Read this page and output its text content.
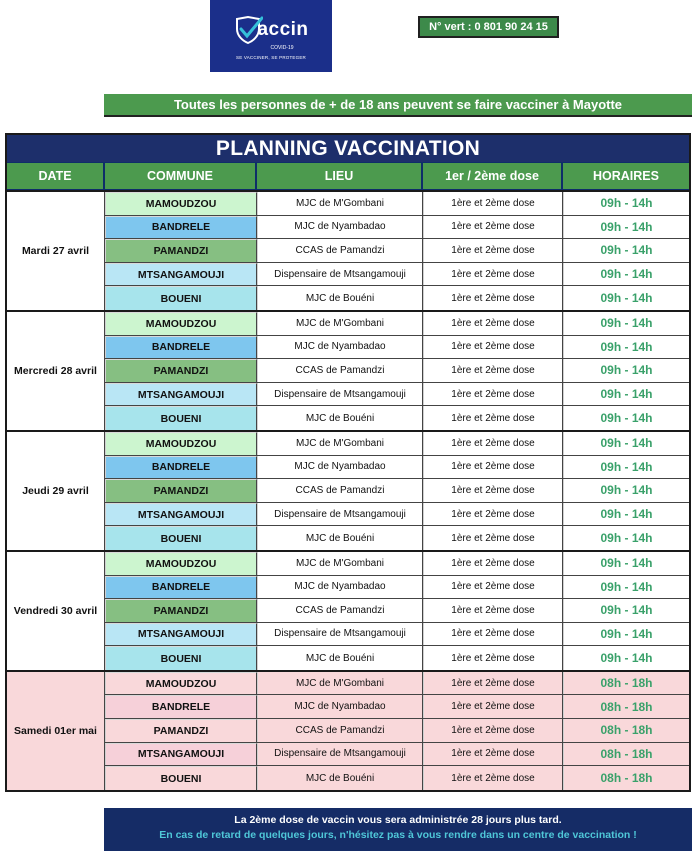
accin
COVID-19
SE VACCINER, SE PROTEGER
N° vert : 0 801 90 24 15
Toutes les personnes de + de 18 ans peuvent se faire vacciner à Mayotte
PLANNING VACCINATION
DATE	COMMUNE	LIEU	1er / 2ème dose	HORAIRES
Mardi 27 avril
MAMOUDZOU	MJC de M'Gombani	1ère et 2ème dose	09h - 14h
BANDRELE	MJC de Nyambadao	1ère et 2ème dose	09h - 14h
PAMANDZI	CCAS de Pamandzi	1ère et 2ème dose	09h - 14h
MTSANGAMOUJI	Dispensaire de Mtsangamouji	1ère et 2ème dose	09h - 14h
BOUENI	MJC de Bouéni	1ère et 2ème dose	09h - 14h
Mercredi 28 avril
MAMOUDZOU	MJC de M'Gombani	1ère et 2ème dose	09h - 14h
BANDRELE	MJC de Nyambadao	1ère et 2ème dose	09h - 14h
PAMANDZI	CCAS de Pamandzi	1ère et 2ème dose	09h - 14h
MTSANGAMOUJI	Dispensaire de Mtsangamouji	1ère et 2ème dose	09h - 14h
BOUENI	MJC de Bouéni	1ère et 2ème dose	09h - 14h
Jeudi 29 avril
MAMOUDZOU	MJC de M'Gombani	1ère et 2ème dose	09h - 14h
BANDRELE	MJC de Nyambadao	1ère et 2ème dose	09h - 14h
PAMANDZI	CCAS de Pamandzi	1ère et 2ème dose	09h - 14h
MTSANGAMOUJI	Dispensaire de Mtsangamouji	1ère et 2ème dose	09h - 14h
BOUENI	MJC de Bouéni	1ère et 2ème dose	09h - 14h
Vendredi 30 avril
MAMOUDZOU	MJC de M'Gombani	1ère et 2ème dose	09h - 14h
BANDRELE	MJC de Nyambadao	1ère et 2ème dose	09h - 14h
PAMANDZI	CCAS de Pamandzi	1ère et 2ème dose	09h - 14h
MTSANGAMOUJI	Dispensaire de Mtsangamouji	1ère et 2ème dose	09h - 14h
BOUENI	MJC de Bouéni	1ère et 2ème dose	09h - 14h
Samedi 01er mai
MAMOUDZOU	MJC de M'Gombani	1ère et 2ème dose	08h - 18h
BANDRELE	MJC de Nyambadao	1ère et 2ème dose	08h - 18h
PAMANDZI	CCAS de Pamandzi	1ère et 2ème dose	08h - 18h
MTSANGAMOUJI	Dispensaire de Mtsangamouji	1ère et 2ème dose	08h - 18h
BOUENI	MJC de Bouéni	1ère et 2ème dose	08h - 18h
La 2ème dose de vaccin vous sera administrée 28 jours plus tard.
En cas de retard de quelques jours, n'hésitez pas à vous rendre dans un centre de vaccination !
